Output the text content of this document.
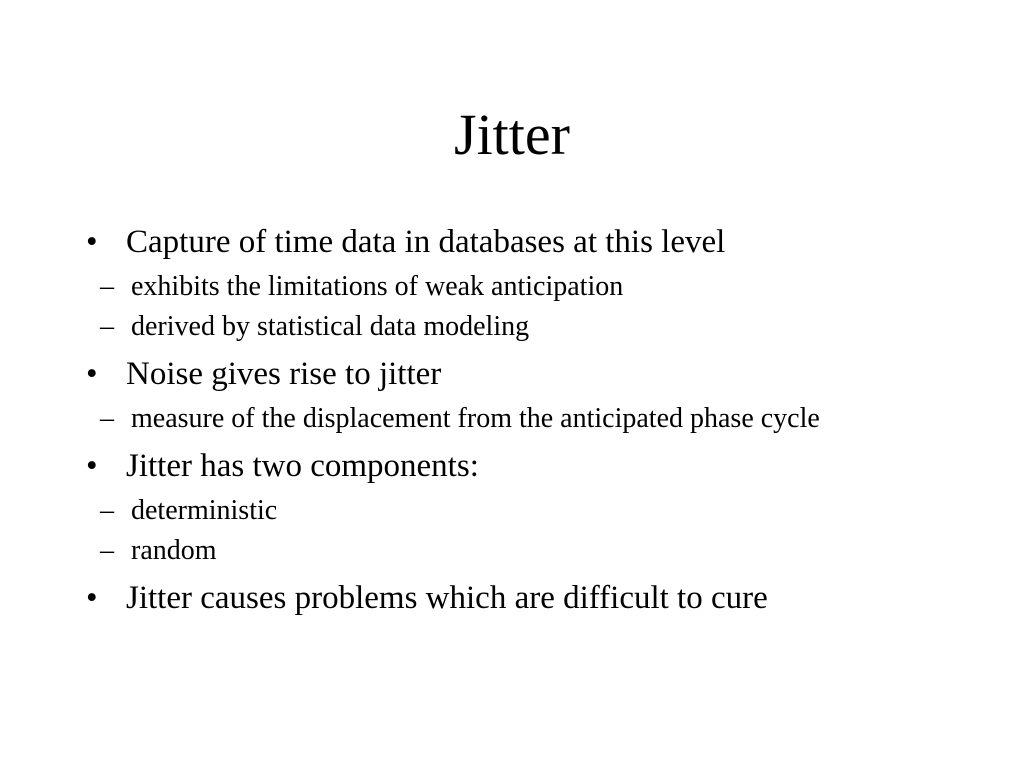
Jitter
• Capture of time data in databases at this level
– exhibits the limitations of weak anticipation
– derived by statistical data modeling
• Noise gives rise to jitter
– measure of the displacement from the anticipated phase cycle
• Jitter has two components:
– deterministic
– random
• Jitter causes problems which are difficult to cure
